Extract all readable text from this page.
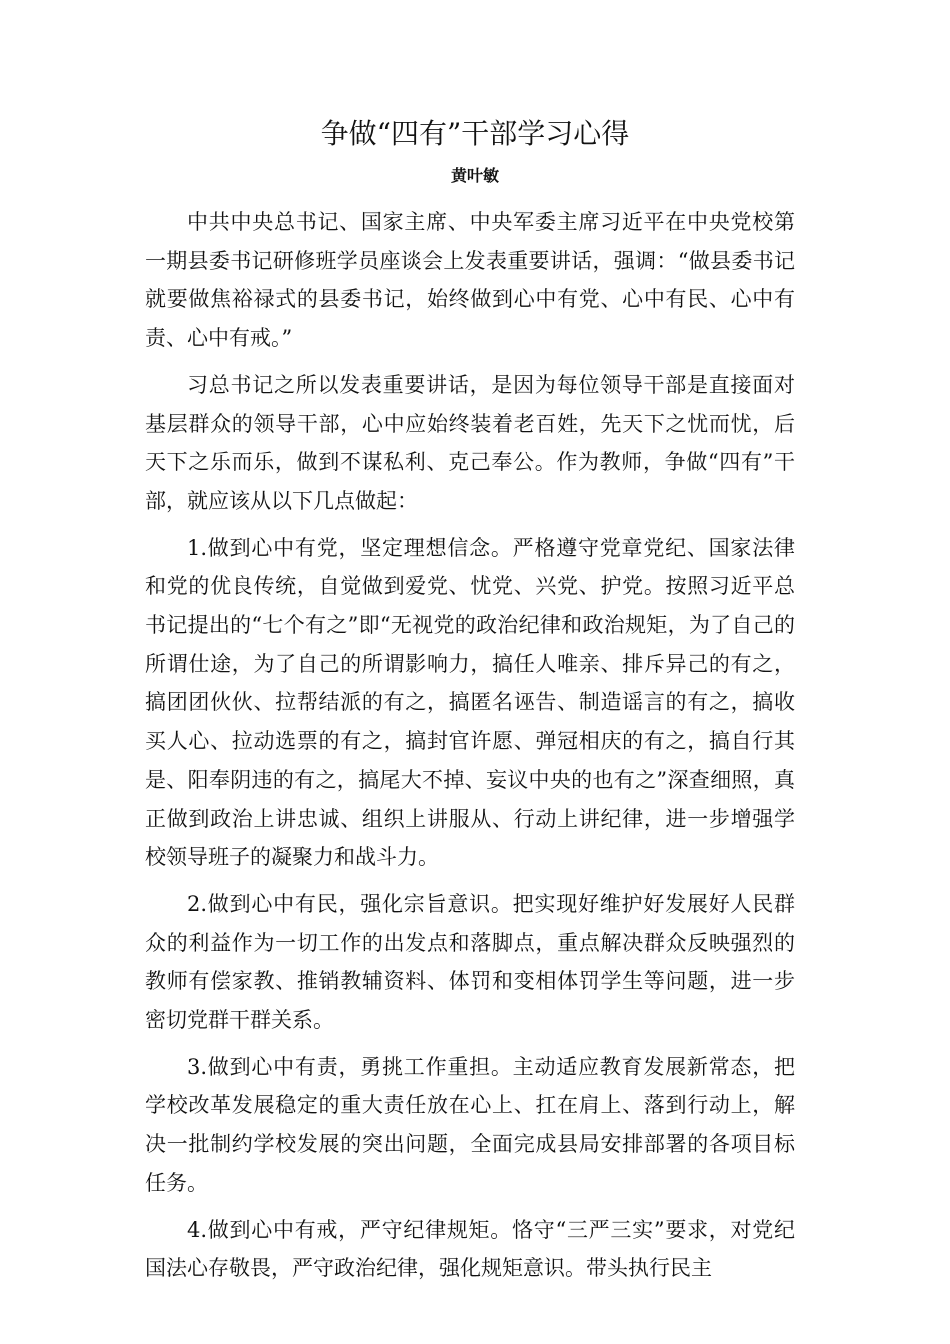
争做“四有”干部学习心得
黄叶敏

中共中央总书记、国家主席、中央军委主席习近平在中央党校第一期县委书记研修班学员座谈会上发表重要讲话，强调：“做县委书记就要做焦裕禄式的县委书记，始终做到心中有党、心中有民、心中有责、心中有戒。”

习总书记之所以发表重要讲话，是因为每位领导干部是直接面对基层群众的领导干部，心中应始终装着老百姓，先天下之忧而忧，后天下之乐而乐，做到不谋私利、克己奉公。作为教师，争做“四有”干部，就应该从以下几点做起：

1.做到心中有党，坚定理想信念。严格遵守党章党纪、国家法律和党的优良传统，自觉做到爱党、忧党、兴党、护党。按照习近平总书记提出的“七个有之”即“无视党的政治纪律和政治规矩，为了自己的所谓仕途，为了自己的所谓影响力，搞任人唯亲、排斥异己的有之，搞团团伙伙、拉帮结派的有之，搞匿名诬告、制造谣言的有之，搞收买人心、拉动选票的有之，搞封官许愿、弹冠相庆的有之，搞自行其是、阳奉阴违的有之，搞尾大不掉、妄议中央的也有之”深查细照，真正做到政治上讲忠诚、组织上讲服从、行动上讲纪律，进一步增强学校领导班子的凝聚力和战斗力。

2.做到心中有民，强化宗旨意识。把实现好维护好发展好人民群众的利益作为一切工作的出发点和落脚点，重点解决群众反映强烈的教师有偿家教、推销教辅资料、体罚和变相体罚学生等问题，进一步密切党群干群关系。

3.做到心中有责，勇挑工作重担。主动适应教育发展新常态，把学校改革发展稳定的重大责任放在心上、扛在肩上、落到行动上，解决一批制约学校发展的突出问题，全面完成县局安排部署的各项目标任务。

4.做到心中有戒，严守纪律规矩。恪守“三严三实”要求，对党纪国法心存敬畏，严守政治纪律，强化规矩意识。带头执行民主
